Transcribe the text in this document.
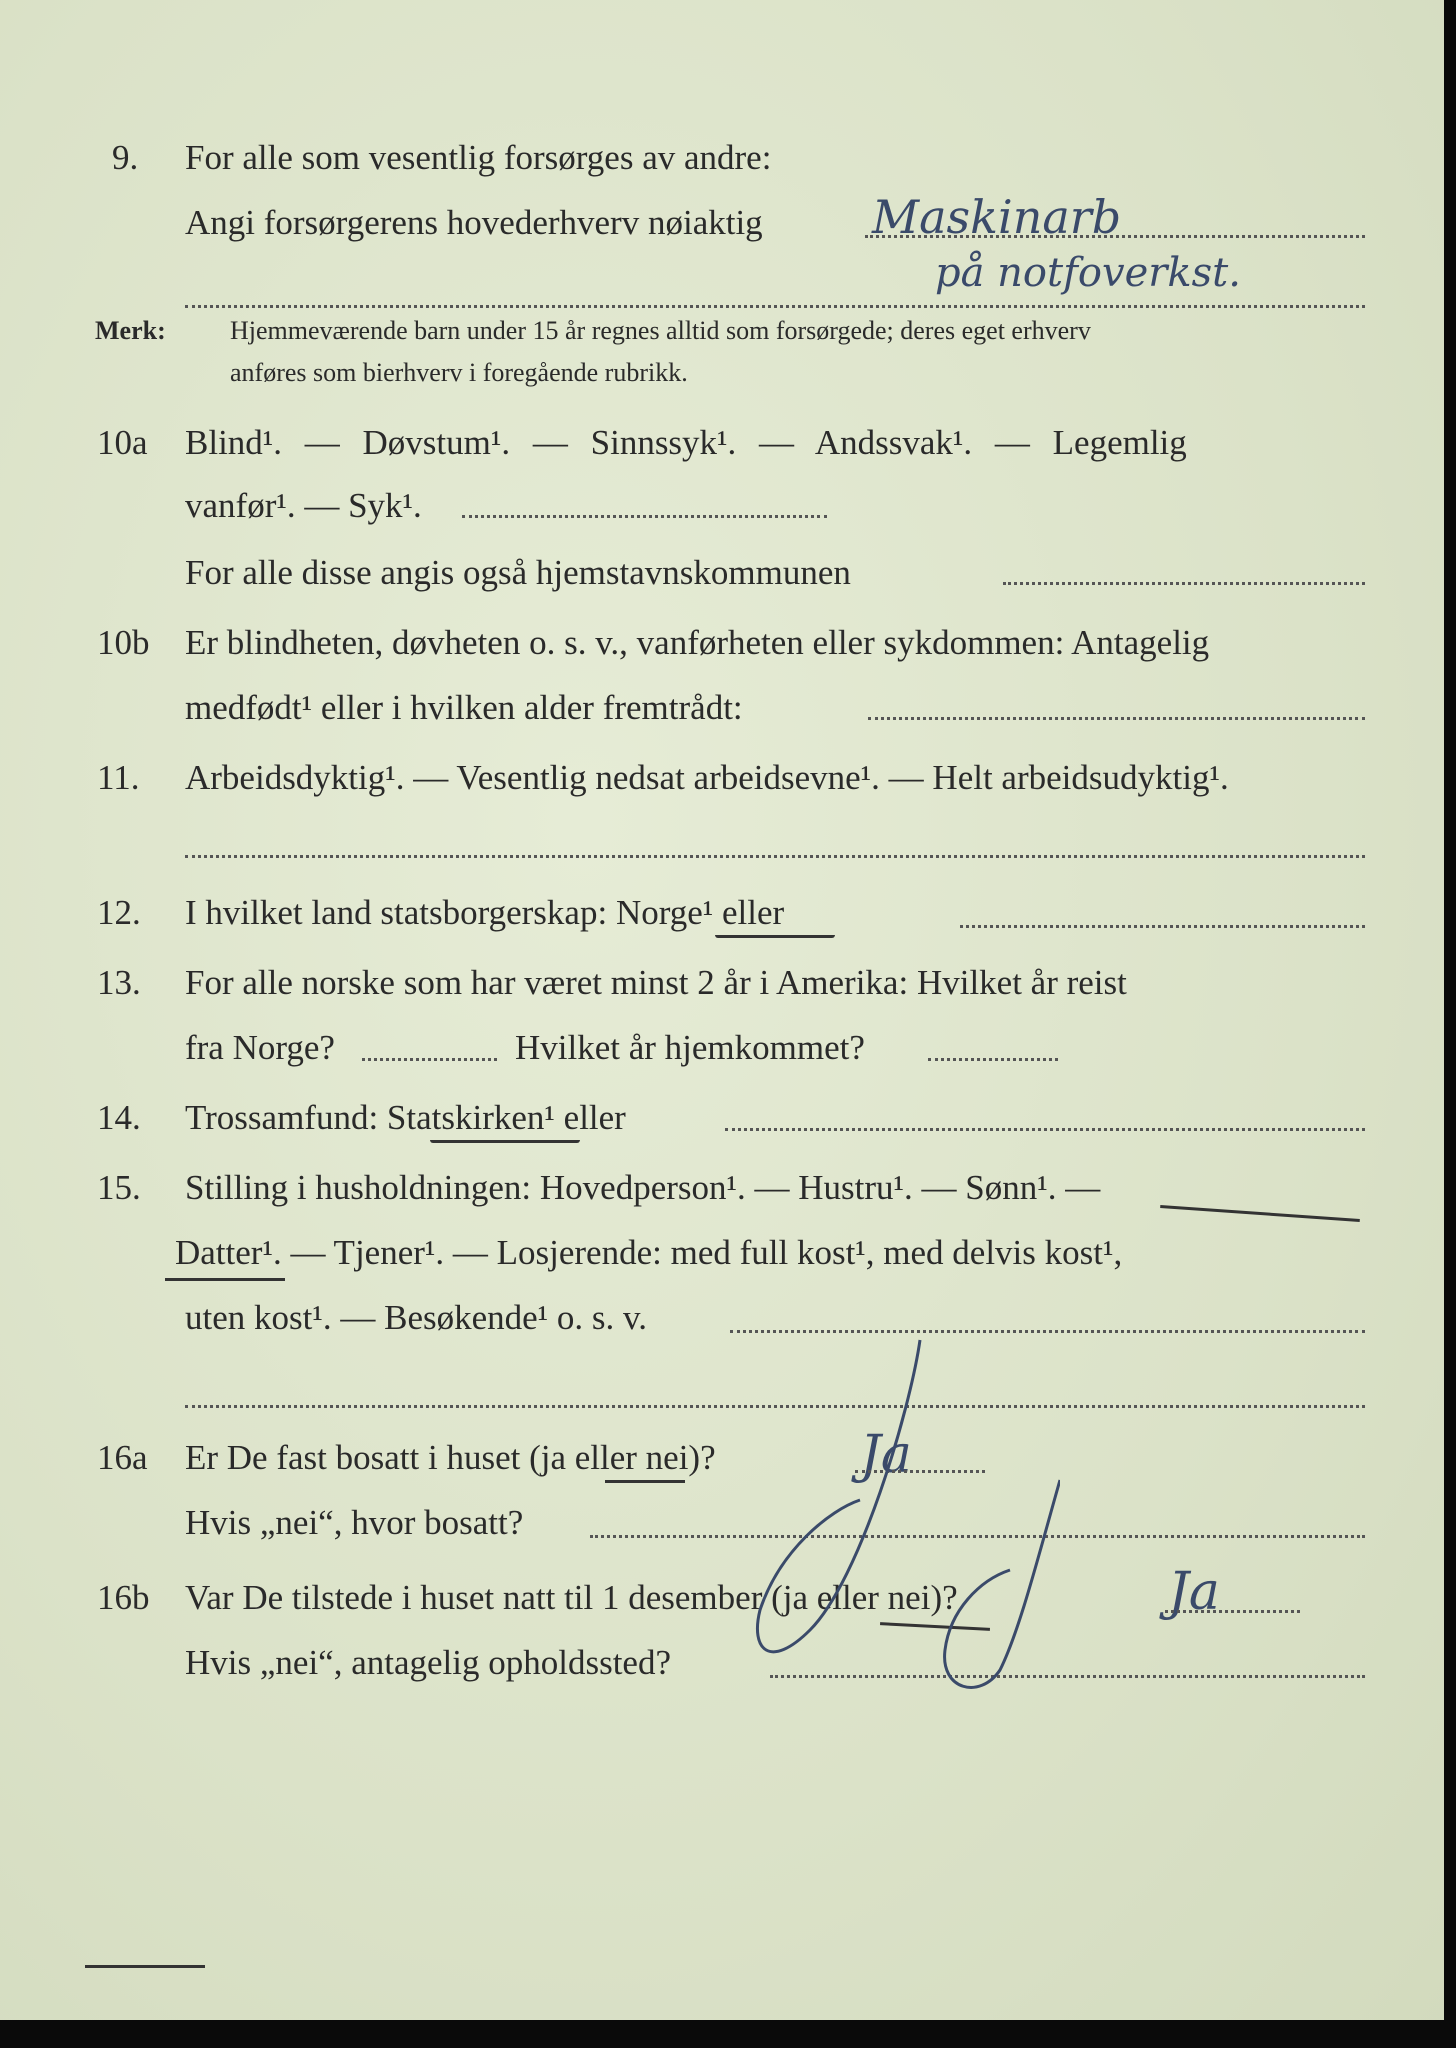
9. For alle som vesentlig forsørges av andre:
Angi forsørgerens hovederhverv nøiaktig Maskinarb
på notfoverkst.
Merk: Hjemmeværende barn under 15 år regnes alltid som forsørgede; deres eget erhverv
anføres som bierhverv i foregående rubrikk.
10a Blind¹. — Døvstum¹. — Sinnssyk¹. — Andssvak¹. — Legemlig
vanfør¹. — Syk¹.
For alle disse angis også hjemstavnskommunen
10b Er blindheten, døvheten o. s. v., vanførheten eller sykdommen: Antagelig
medfødt¹ eller i hvilken alder fremtrådt:
11. Arbeidsdyktig¹. — Vesentlig nedsat arbeidsevne¹. — Helt arbeidsudyktig¹.
12. I hvilket land statsborgerskap: Norge¹ eller
13. For alle norske som har været minst 2 år i Amerika: Hvilket år reist
fra Norge?	Hvilket år hjemkommet?
14. Trossamfund: Statskirken¹ eller
15. Stilling i husholdningen: Hovedperson¹. — Hustru¹. — Sønn¹. —
Datter¹. — Tjener¹. — Losjerende: med full kost¹, med delvis kost¹,
uten kost¹. — Besøkende¹ o. s. v.
16a Er De fast bosatt i huset (ja eller nei)?	Ja
Hvis „nei“, hvor bosatt?
16b Var De tilstede i huset natt til 1 desember (ja eller nei)?	Ja
Hvis „nei“, antagelig opholdssted?
